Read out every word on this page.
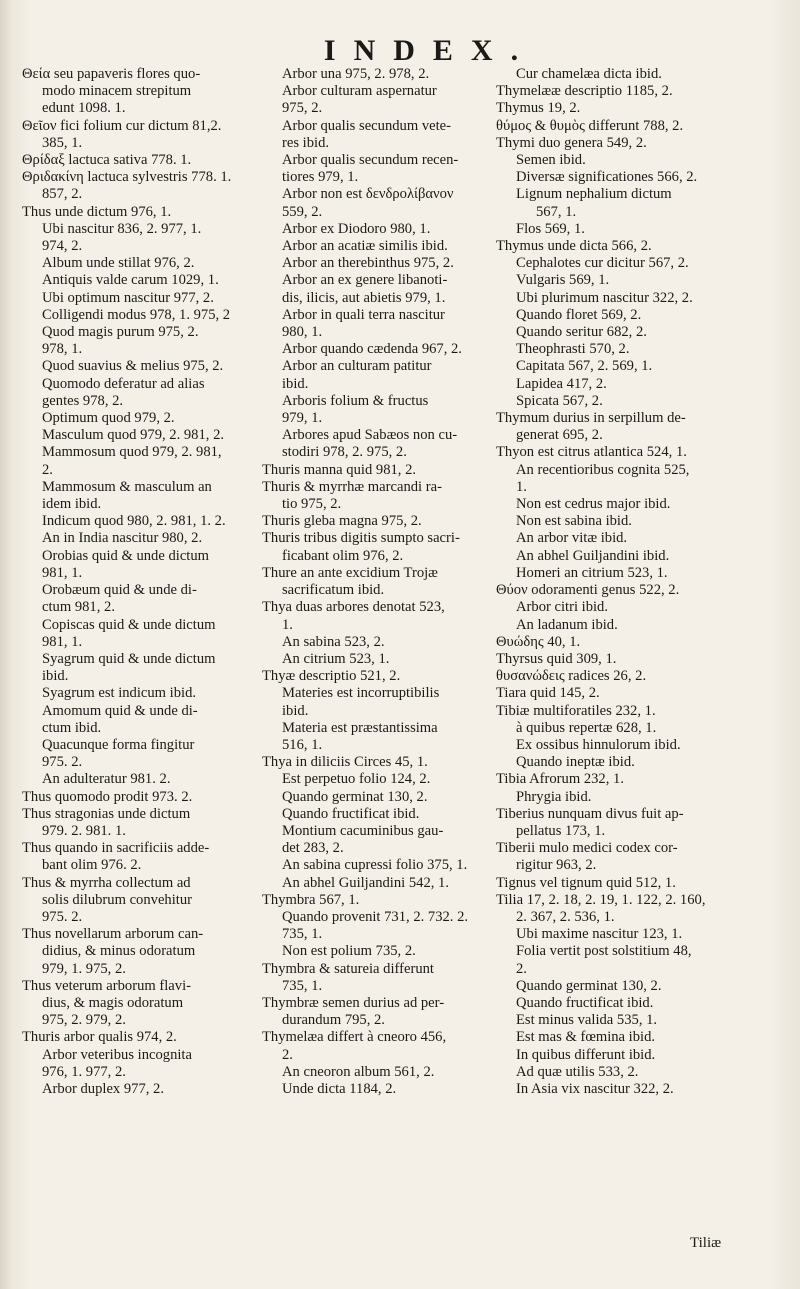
INDEX.
Θεία seu papaveris flores quo-
modo minacem strepitum
edunt 1098. 1.
Θεῖον fici folium cur dictum 81,2.
385, 1.
Θρίδαξ lactuca sativa 778. 1.
Θριδακίνη lactuca sylvestris 778. 1.
857, 2.
Thus unde dictum 976, 1.
Ubi nascitur 836, 2. 977, 1.
974, 2.
Album unde stillat 976, 2.
Antiquis valde carum 1029, 1.
Ubi optimum nascitur 977, 2.
Colligendi modus 978, 1. 975, 2
Quod magis purum 975, 2.
978, 1.
Quod suavius & melius 975, 2.
Quomodo deferatur ad alias
gentes 978, 2.
Optimum quod 979, 2.
Masculum quod 979, 2. 981, 2.
Mammosum quod 979, 2. 981,
2.
Mammosum & masculum an
idem ibid.
Indicum quod 980, 2. 981, 1. 2.
An in India nascitur 980, 2.
Orobias quid & unde dictum
981, 1.
Orobæum quid & unde di-
ctum 981, 2.
Copiscas quid & unde dictum
981, 1.
Syagrum quid & unde dictum
ibid.
Syagrum est indicum ibid.
Amomum quid & unde di-
ctum ibid.
Quacunque forma fingitur
975. 2.
An adulteratur 981. 2.
Thus quomodo prodit 973. 2.
Thus stragonias unde dictum
979. 2. 981. 1.
Thus quando in sacrificiis adde-
bant olim 976. 2.
Thus & myrrha collectum ad
solis dilubrum convehitur
975. 2.
Thus novellarum arborum can-
didius, & minus odoratum
979, 1. 975, 2.
Thus veterum arborum flavi-
dius, & magis odoratum
975, 2. 979, 2.
Thuris arbor qualis 974, 2.
Arbor veteribus incognita
976, 1. 977, 2.
Arbor duplex 977, 2.
Arbor una 975, 2. 978, 2.
Arbor culturam aspernatur
975, 2.
Arbor qualis secundum vete-
res ibid.
Arbor qualis secundum recen-
tiores 979, 1.
Arbor non est δενδρολίβανον
559, 2.
Arbor ex Diodoro 980, 1.
Arbor an acatiæ similis ibid.
Arbor an therebinthus 975, 2.
Arbor an ex genere libanoti-
dis, ilicis, aut abietis 979, 1.
Arbor in quali terra nascitur
980, 1.
Arbor quando cædenda 967, 2.
Arbor an culturam patitur
ibid.
Arboris folium & fructus
979, 1.
Arbores apud Sabæos non cu-
stodiri 978, 2. 975, 2.
Thuris manna quid 981, 2.
Thuris & myrrhæ marcandi ra-
tio 975, 2.
Thuris gleba magna 975, 2.
Thuris tribus digitis sumpto sacri-
ficabant olim 976, 2.
Thure an ante excidium Trojæ
sacrificatum ibid.
Thya duas arbores denotat 523,
1.
An sabina 523, 2.
An citrium 523, 1.
Thyæ descriptio 521, 2.
Materies est incorruptibilis
ibid.
Materia est præstantissima
516, 1.
Thya in diliciis Circes 45, 1.
Est perpetuo folio 124, 2.
Quando germinat 130, 2.
Quando fructificat ibid.
Montium cacuminibus gau-
det 283, 2.
An sabina cupressi folio 375, 1.
An abhel Guiljandini 542, 1.
Thymbra 567, 1.
Quando provenit 731, 2. 732. 2.
735, 1.
Non est polium 735, 2.
Thymbra & satureia differunt
735, 1.
Thymbræ semen durius ad per-
durandum 795, 2.
Thymelæa differt à cneoro 456,
2.
An cneoron album 561, 2.
Unde dicta 1184, 2.
Cur chamelæa dicta ibid.
Thymelææ descriptio 1185, 2.
Thymus 19, 2.
θύμος & θυμὸς differunt 788, 2.
Thymi duo genera 549, 2.
Semen ibid.
Diversæ significationes 566, 2.
Lignum nephalium dictum
567, 1.
Flos 569, 1.
Thymus unde dicta 566, 2.
Cephalotes cur dicitur 567, 2.
Vulgaris 569, 1.
Ubi plurimum nascitur 322, 2.
Quando floret 569, 2.
Quando seritur 682, 2.
Theophrasti 570, 2.
Capitata 567, 2. 569, 1.
Lapidea 417, 2.
Spicata 567, 2.
Thymum durius in serpillum de-
generat 695, 2.
Thyon est citrus atlantica 524, 1.
An recentioribus cognita 525,
1.
Non est cedrus major ibid.
Non est sabina ibid.
An arbor vitæ ibid.
An abhel Guiljandini ibid.
Homeri an citrium 523, 1.
Θύον odoramenti genus 522, 2.
Arbor citri ibid.
An ladanum ibid.
Θυώδης 40, 1.
Thyrsus quid 309, 1.
θυσανώδεις radices 26, 2.
Tiara quid 145, 2.
Tibiæ multiforatiles 232, 1.
à quibus repertæ 628, 1.
Ex ossibus hinnulorum ibid.
Quando ineptæ ibid.
Tibia Afrorum 232, 1.
Phrygia ibid.
Tiberius nunquam divus fuit ap-
pellatus 173, 1.
Tiberii mulo medici codex cor-
rigitur 963, 2.
Tignus vel tignum quid 512, 1.
Tilia 17, 2. 18, 2. 19, 1. 122, 2. 160,
2. 367, 2. 536, 1.
Ubi maxime nascitur 123, 1.
Folia vertit post solstitium 48,
2.
Quando germinat 130, 2.
Quando fructificat ibid.
Est minus valida 535, 1.
Est mas & fœmina ibid.
In quibus differunt ibid.
Ad quæ utilis 533, 2.
In Asia vix nascitur 322, 2.
Tiliæ
